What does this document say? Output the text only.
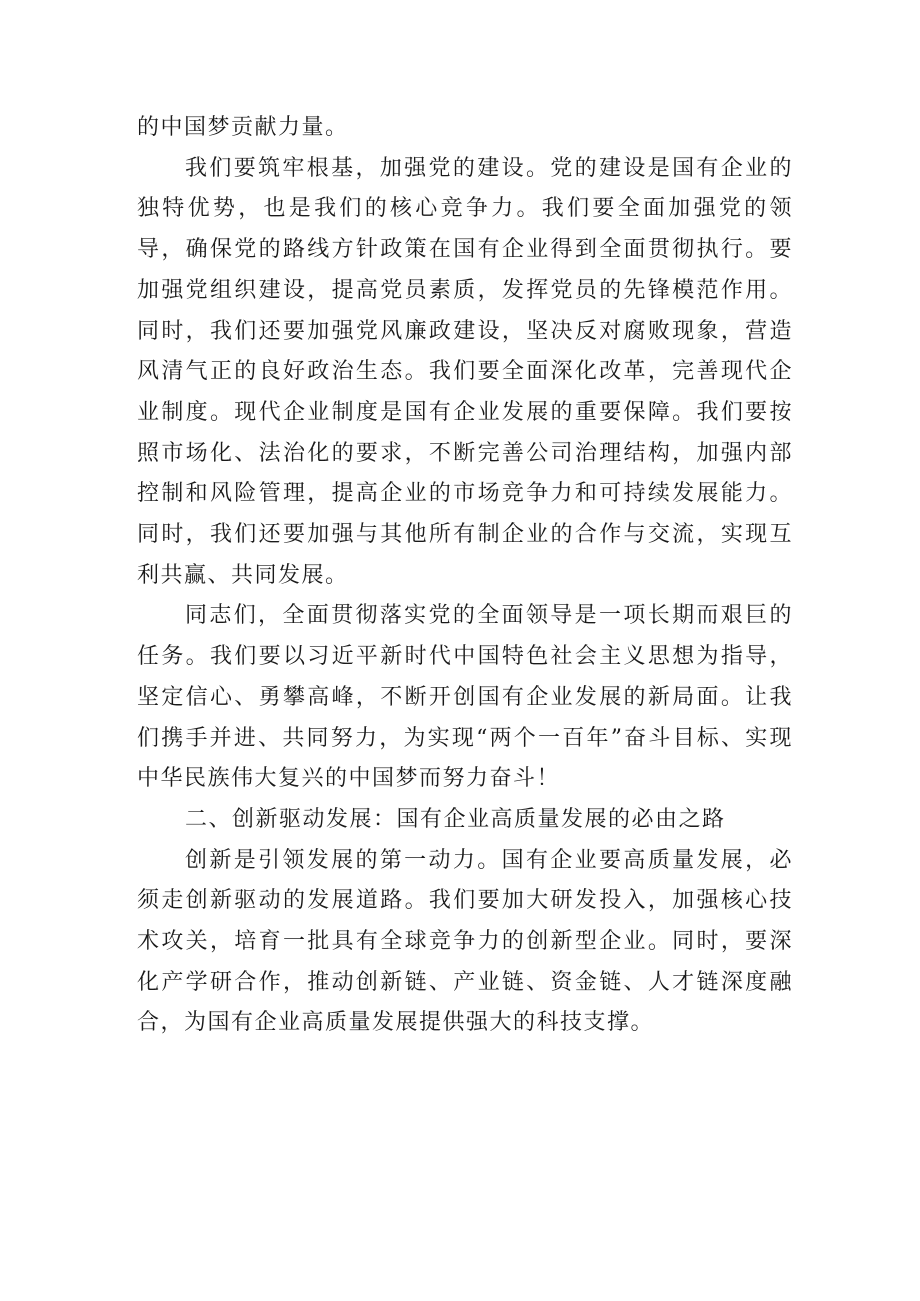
的中国梦贡献力量。

我们要筑牢根基，加强党的建设。党的建设是国有企业的独特优势，也是我们的核心竞争力。我们要全面加强党的领导，确保党的路线方针政策在国有企业得到全面贯彻执行。要加强党组织建设，提高党员素质，发挥党员的先锋模范作用。同时，我们还要加强党风廉政建设，坚决反对腐败现象，营造风清气正的良好政治生态。我们要全面深化改革，完善现代企业制度。现代企业制度是国有企业发展的重要保障。我们要按照市场化、法治化的要求，不断完善公司治理结构，加强内部控制和风险管理，提高企业的市场竞争力和可持续发展能力。同时，我们还要加强与其他所有制企业的合作与交流，实现互利共赢、共同发展。

同志们，全面贯彻落实党的全面领导是一项长期而艰巨的任务。我们要以习近平新时代中国特色社会主义思想为指导，坚定信心、勇攀高峰，不断开创国有企业发展的新局面。让我们携手并进、共同努力，为实现“两个一百年”奋斗目标、实现中华民族伟大复兴的中国梦而努力奋斗！

二、创新驱动发展：国有企业高质量发展的必由之路

创新是引领发展的第一动力。国有企业要高质量发展，必须走创新驱动的发展道路。我们要加大研发投入，加强核心技术攻关，培育一批具有全球竞争力的创新型企业。同时，要深化产学研合作，推动创新链、产业链、资金链、人才链深度融合，为国有企业高质量发展提供强大的科技支撑。
